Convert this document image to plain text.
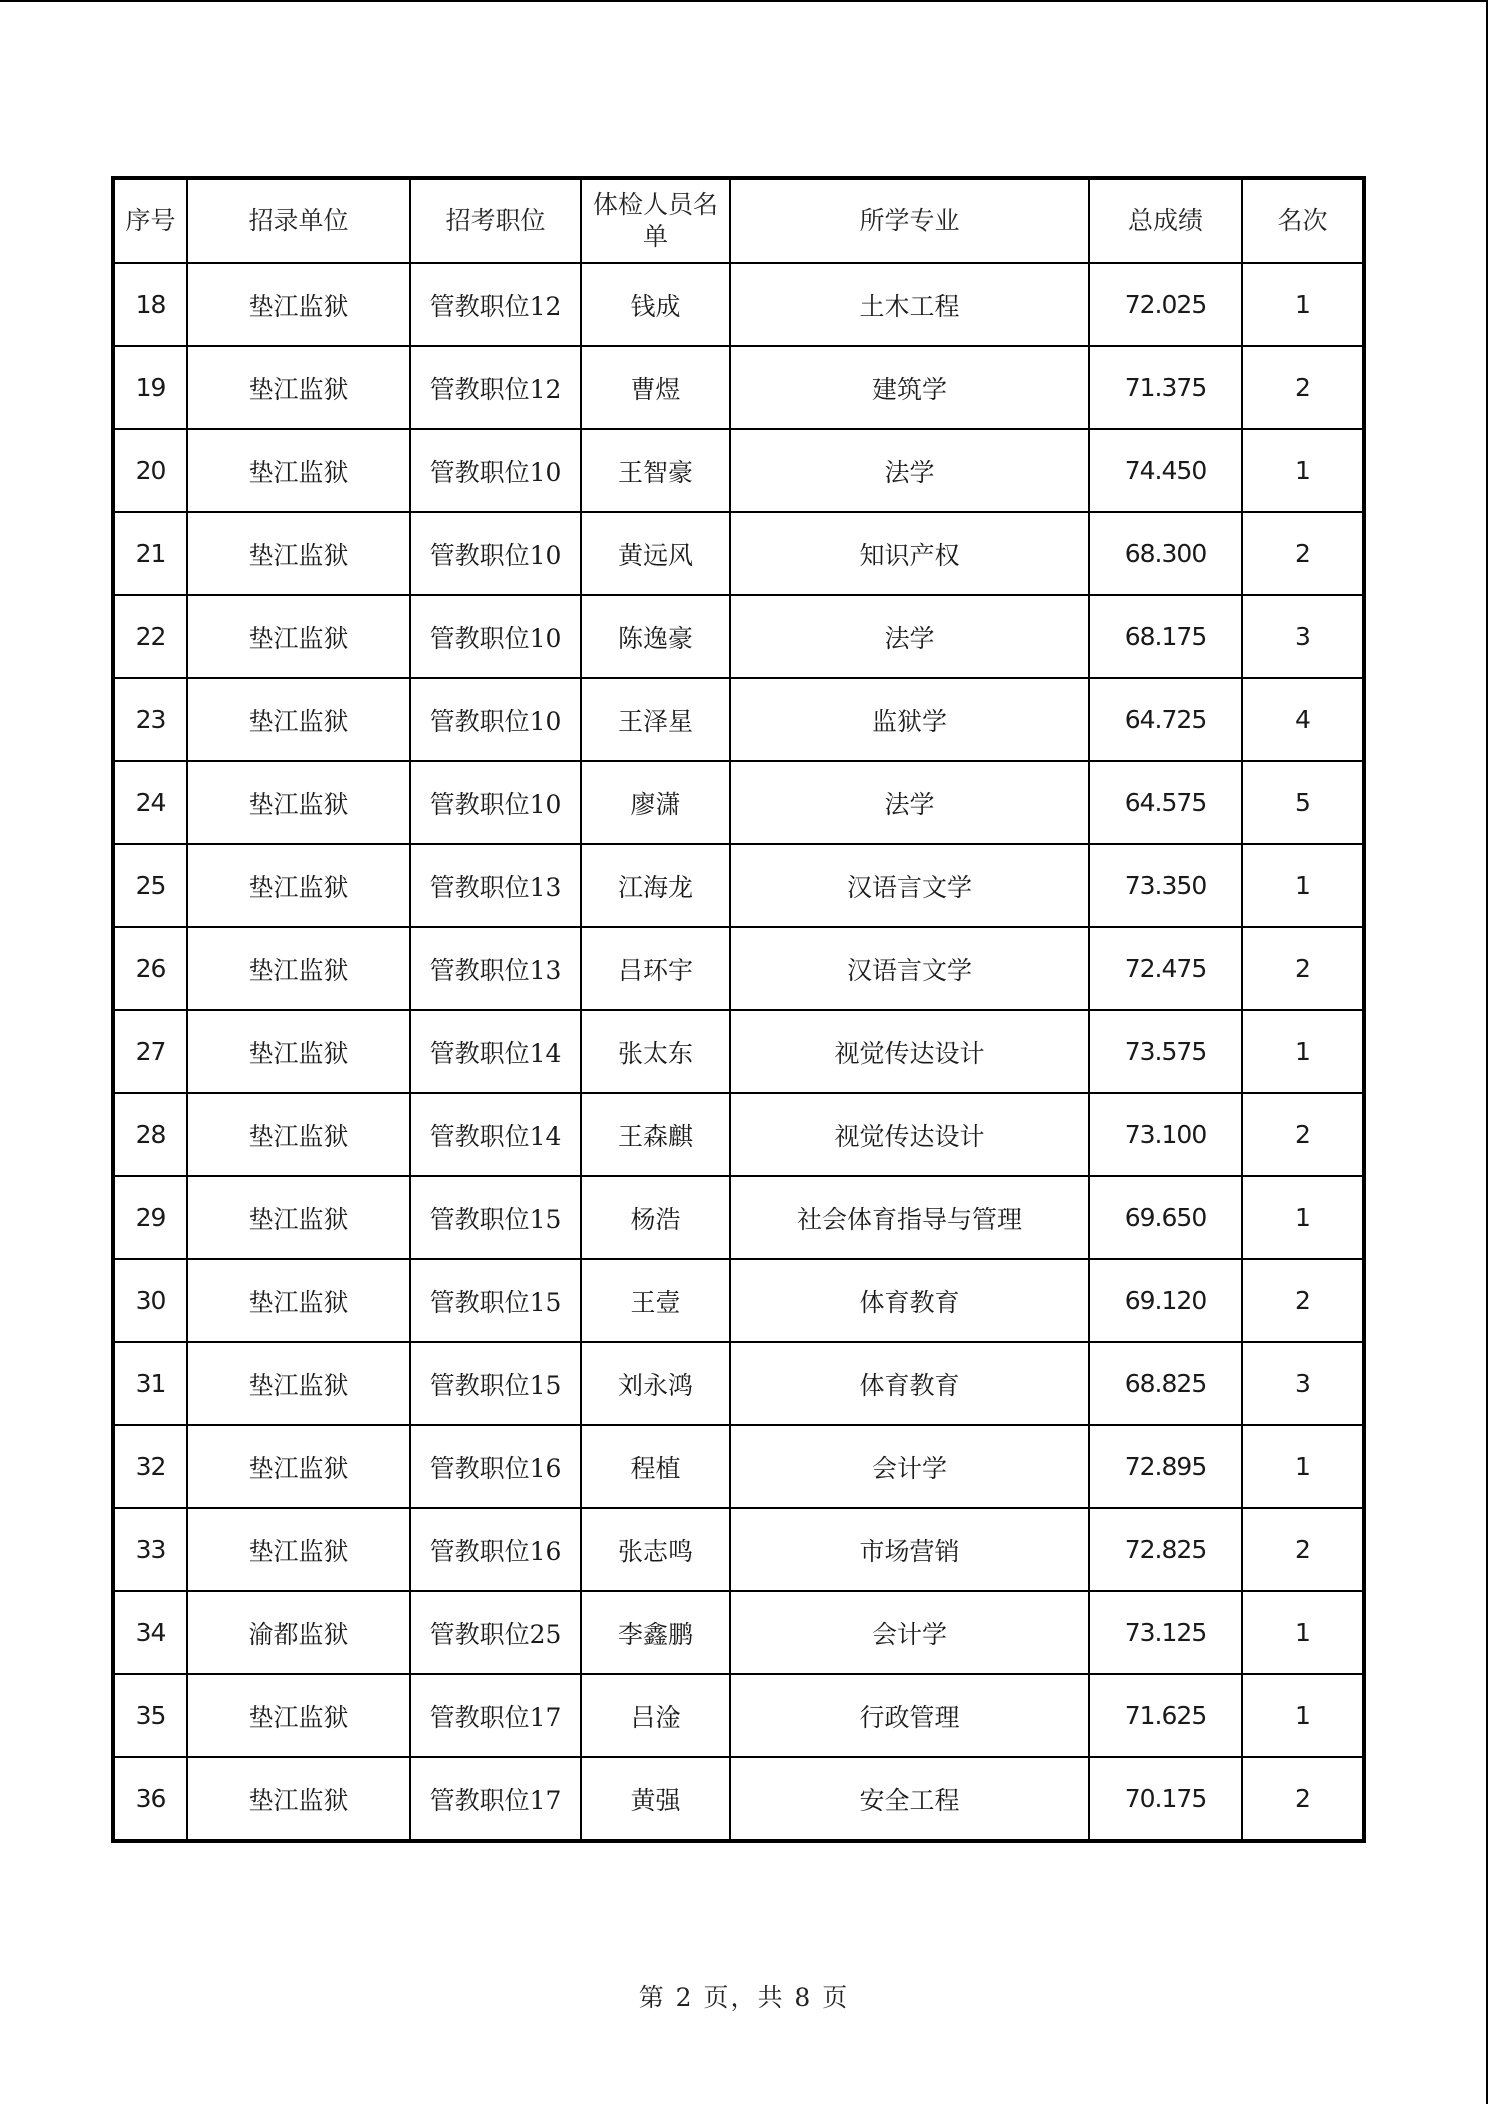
序号	招录单位	招考职位	体检人员名单	所学专业	总成绩	名次
18	垫江监狱	管教职位12	钱成	土木工程	72.025	1
19	垫江监狱	管教职位12	曹煜	建筑学	71.375	2
20	垫江监狱	管教职位10	王智豪	法学	74.450	1
21	垫江监狱	管教职位10	黄远风	知识产权	68.300	2
22	垫江监狱	管教职位10	陈逸豪	法学	68.175	3
23	垫江监狱	管教职位10	王泽星	监狱学	64.725	4
24	垫江监狱	管教职位10	廖潇	法学	64.575	5
25	垫江监狱	管教职位13	江海龙	汉语言文学	73.350	1
26	垫江监狱	管教职位13	吕环宇	汉语言文学	72.475	2
27	垫江监狱	管教职位14	张太东	视觉传达设计	73.575	1
28	垫江监狱	管教职位14	王森麒	视觉传达设计	73.100	2
29	垫江监狱	管教职位15	杨浩	社会体育指导与管理	69.650	1
30	垫江监狱	管教职位15	王壹	体育教育	69.120	2
31	垫江监狱	管教职位15	刘永鸿	体育教育	68.825	3
32	垫江监狱	管教职位16	程植	会计学	72.895	1
33	垫江监狱	管教职位16	张志鸣	市场营销	72.825	2
34	渝都监狱	管教职位25	李鑫鹏	会计学	73.125	1
35	垫江监狱	管教职位17	吕淦	行政管理	71.625	1
36	垫江监狱	管教职位17	黄强	安全工程	70.175	2
第 2 页，共 8 页
